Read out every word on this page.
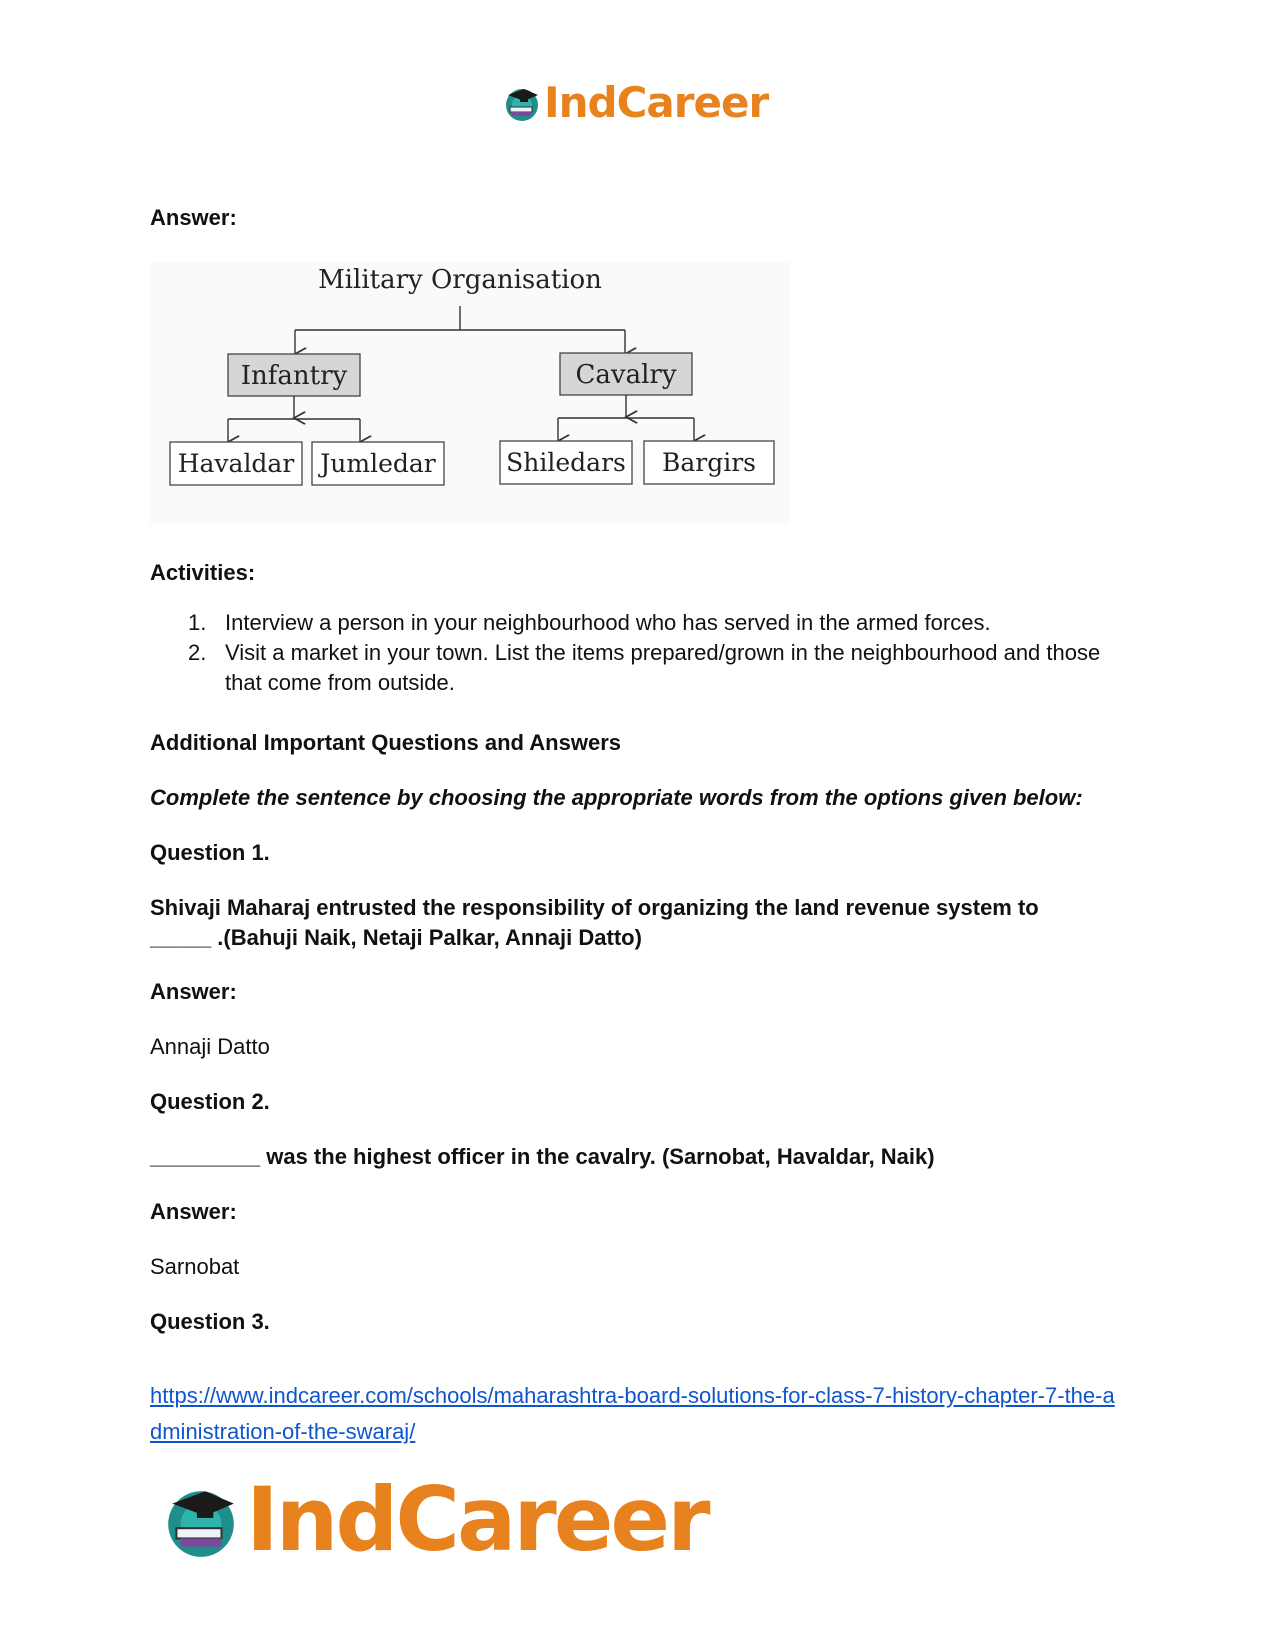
IndCareer
Answer:
Military Organisation
Infantry	Cavalry
Havaldar Jumledar	Shiledars Bargirs
Activities:
1. Interview a person in your neighbourhood who has served in the armed forces.
2. Visit a market in your town. List the items prepared/grown in the neighbourhood and those that come from outside.
Additional Important Questions and Answers
Complete the sentence by choosing the appropriate words from the options given below:
Question 1.
Shivaji Maharaj entrusted the responsibility of organizing the land revenue system to _____ .(Bahuji Naik, Netaji Palkar, Annaji Datto)
Answer:
Annaji Datto
Question 2.
_________ was the highest officer in the cavalry. (Sarnobat, Havaldar, Naik)
Answer:
Sarnobat
Question 3.
https://www.indcareer.com/schools/maharashtra-board-solutions-for-class-7-history-chapter-7-the-administration-of-the-swaraj/
IndCareer
